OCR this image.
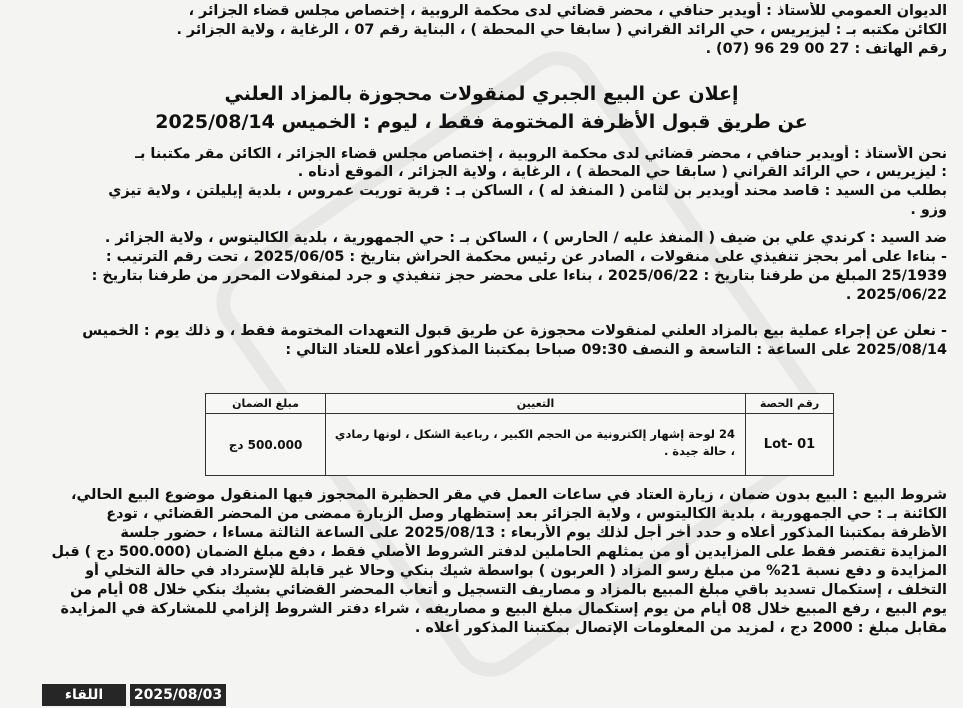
الديوان العمومي للأستاذ : أويدير حنافي ، محضر قضائي لدى محكمة الروبية ، إختصاص مجلس قضاء الجزائر ،
الكائن مكتبه بـ : ليزيريس ، حي الرائد القراني ( سابقا حي المحطة ) ، البناية رقم 07 ، الرغاية ، ولاية الجزائر .
رقم الهاتف : 27 00 29 96 (07) .
إعلان عن البيع الجبري لمنقولات محجوزة بالمزاد العلني
عن طريق قبول الأظرفة المختومة فقط ، ليوم : الخميس 2025/08/14
نحن الأستاذ : أويدير حنافي ، محضر قضائي لدى محكمة الروبية ، إختصاص مجلس قضاء الجزائر ، الكائن مقر مكتبنا بـ
: ليزيريس ، حي الرائد القراني ( سابقا حي المحطة ) ، الرغاية ، ولاية الجزائر ، الموقع أدناه .
بطلب من السيد : قاصد محند أويدير بن لثامن ( المنفذ له ) ، الساكن بـ : قرية توريت عمروس ، بلدية إيليلتن ، ولاية تيزي
وزو .
ضد السيد : كرندي علي بن ضيف ( المنفذ عليه / الحارس ) ، الساكن بـ : حي الجمهورية ، بلدية الكاليتوس ، ولاية الجزائر .
- بناءا على أمر بحجز تنفيذي على منقولات ، الصادر عن رئيس محكمة الحراش بتاريخ : 2025/06/05 ، تحت رقم الترتيب :
25/1939 المبلغ من طرفنا بتاريخ : 2025/06/22 ، بناءا على محضر حجز تنفيذي و جرد لمنقولات المحرر من طرفنا بتاريخ :
2025/06/22 .
- نعلن عن إجراء عملية بيع بالمزاد العلني لمنقولات محجوزة عن طريق قبول التعهدات المختومة فقط ، و ذلك يوم : الخميس
2025/08/14 على الساعة : التاسعة و النصف 09:30 صباحا بمكتبنا المذكور أعلاه للعتاد التالي :
رقم الحصة
التعيين
مبلغ الضمان
Lot- 01
24 لوحة إشهار إلكترونية من الحجم الكبير ، رباعية الشكل ، لونها رمادي ، حالة جيدة .
500.000 دج
شروط البيع : البيع بدون ضمان ، زيارة العتاد في ساعات العمل في مقر الحظيرة المحجوز فيها المنقول موضوع البيع الحالي،
الكائنة بـ : حي الجمهورية ، بلدية الكاليتوس ، ولاية الجزائر بعد إستظهار وصل الزيارة ممضى من المحضر القضائي ، تودع
الأظرفة بمكتبنا المذكور أعلاه و حدد أخر أجل لذلك يوم الأربعاء : 2025/08/13 على الساعة الثالثة مساءا ، حضور جلسة
المزايدة تقتصر فقط على المزايدين أو من يمثلهم الحاملين لدفتر الشروط الأصلي فقط ، دفع مبلغ الضمان (500.000 دج ) قبل
المزايدة و دفع نسبة 21% من مبلغ رسو المزاد ( العربون ) بواسطة شيك بنكي وحالا غير قابلة للإسترداد في حالة التخلي أو
التخلف ، إستكمال تسديد باقي مبلغ المبيع بالمزاد و مصاريف التسجيل و أتعاب المحضر القضائي بشيك بنكي خلال 08 أيام من
يوم البيع ، رفع المبيع خلال 08 أيام من يوم إستكمال مبلغ البيع و مصاريفه ، شراء دفتر الشروط إلزامي للمشاركة في المزايدة
مقابل مبلغ : 2000 دج ، لمزيد من المعلومات الإتصال بمكتبنا المذكور أعلاه .
اللقاء	2025/08/03
